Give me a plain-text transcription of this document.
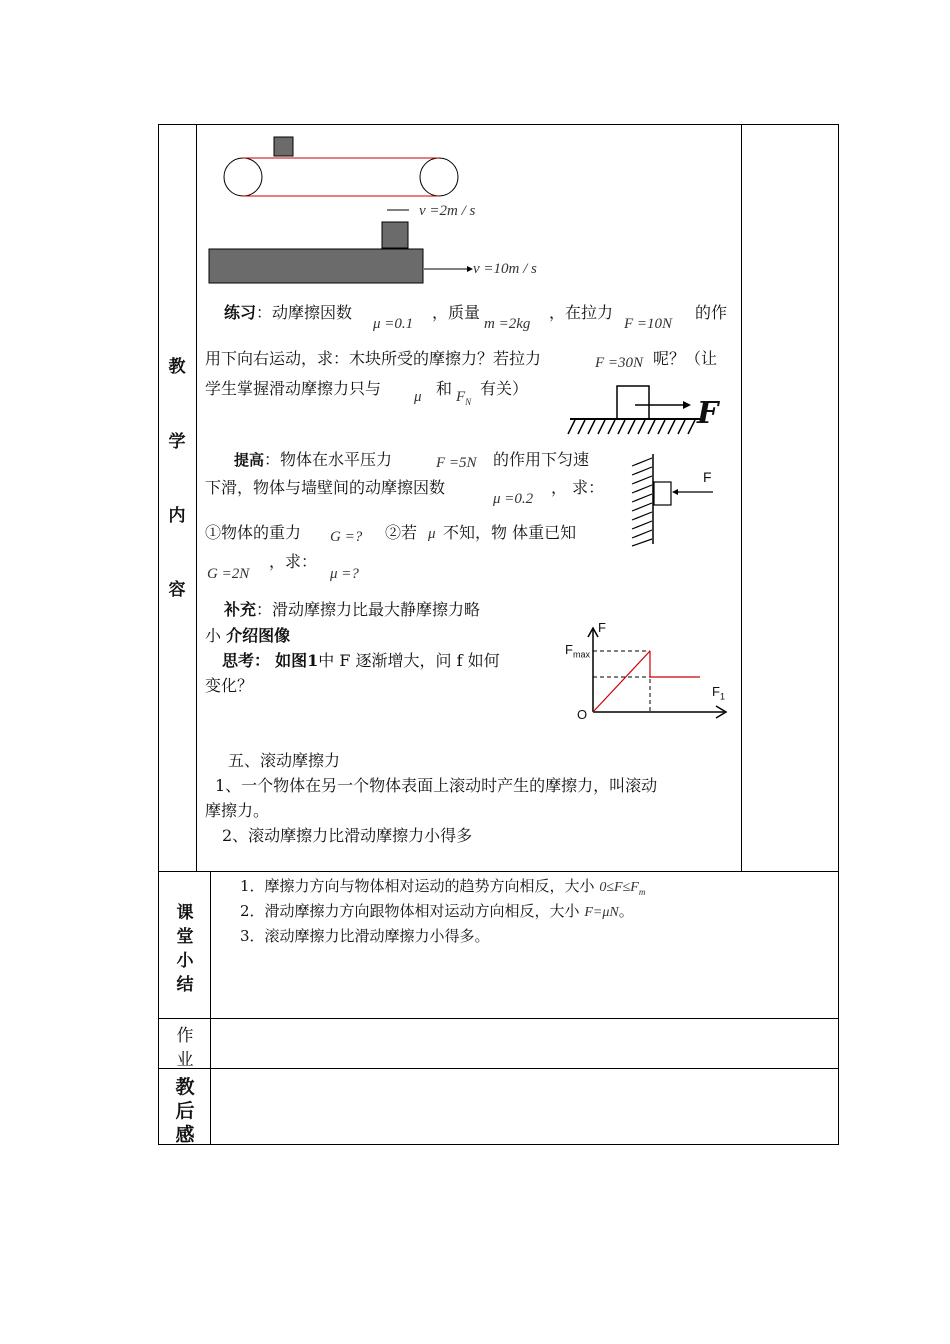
教
学
内
容
课
堂
小
结
作
业
教
后
感
v =2m / s
v =10m / s
练习：动摩擦因数
μ =0.1
，质量
m =2kg
，在拉力
F =10N
的作
用下向右运动，求：木块所受的摩擦力？若拉力	F =30N 呢？（让
学生掌握滑动摩擦力只与 μ 和 $F_N$
有关）
F
提高：物体在水平压力	F =5N 的作用下匀速
下滑，物体与墙壁间的动摩擦因数
μ =0.2
， 求：
①物体的重力 G =? ②若 μ 不知，物 体重已知
G =2N
，求：
μ =?
F
补充：滑动摩擦力比最大静摩擦力略
小 介绍图像
思考： 如图1中 F 逐渐增大，问 f 如何
变化？
F
$F_{max}$
O
$F_1$
五、滚动摩擦力
1、一个物体在另一个物体表面上滚动时产生的摩擦力，叫滚动
摩擦力。
2、滚动摩擦力比滑动摩擦力小得多
1．摩擦力方向与物体相对运动的趋势方向相反，大小 $0\le F\le F_m$
2．滑动摩擦力方向跟物体相对运动方向相反，大小 F=μN。
3．滚动摩擦力比滑动摩擦力小得多。
